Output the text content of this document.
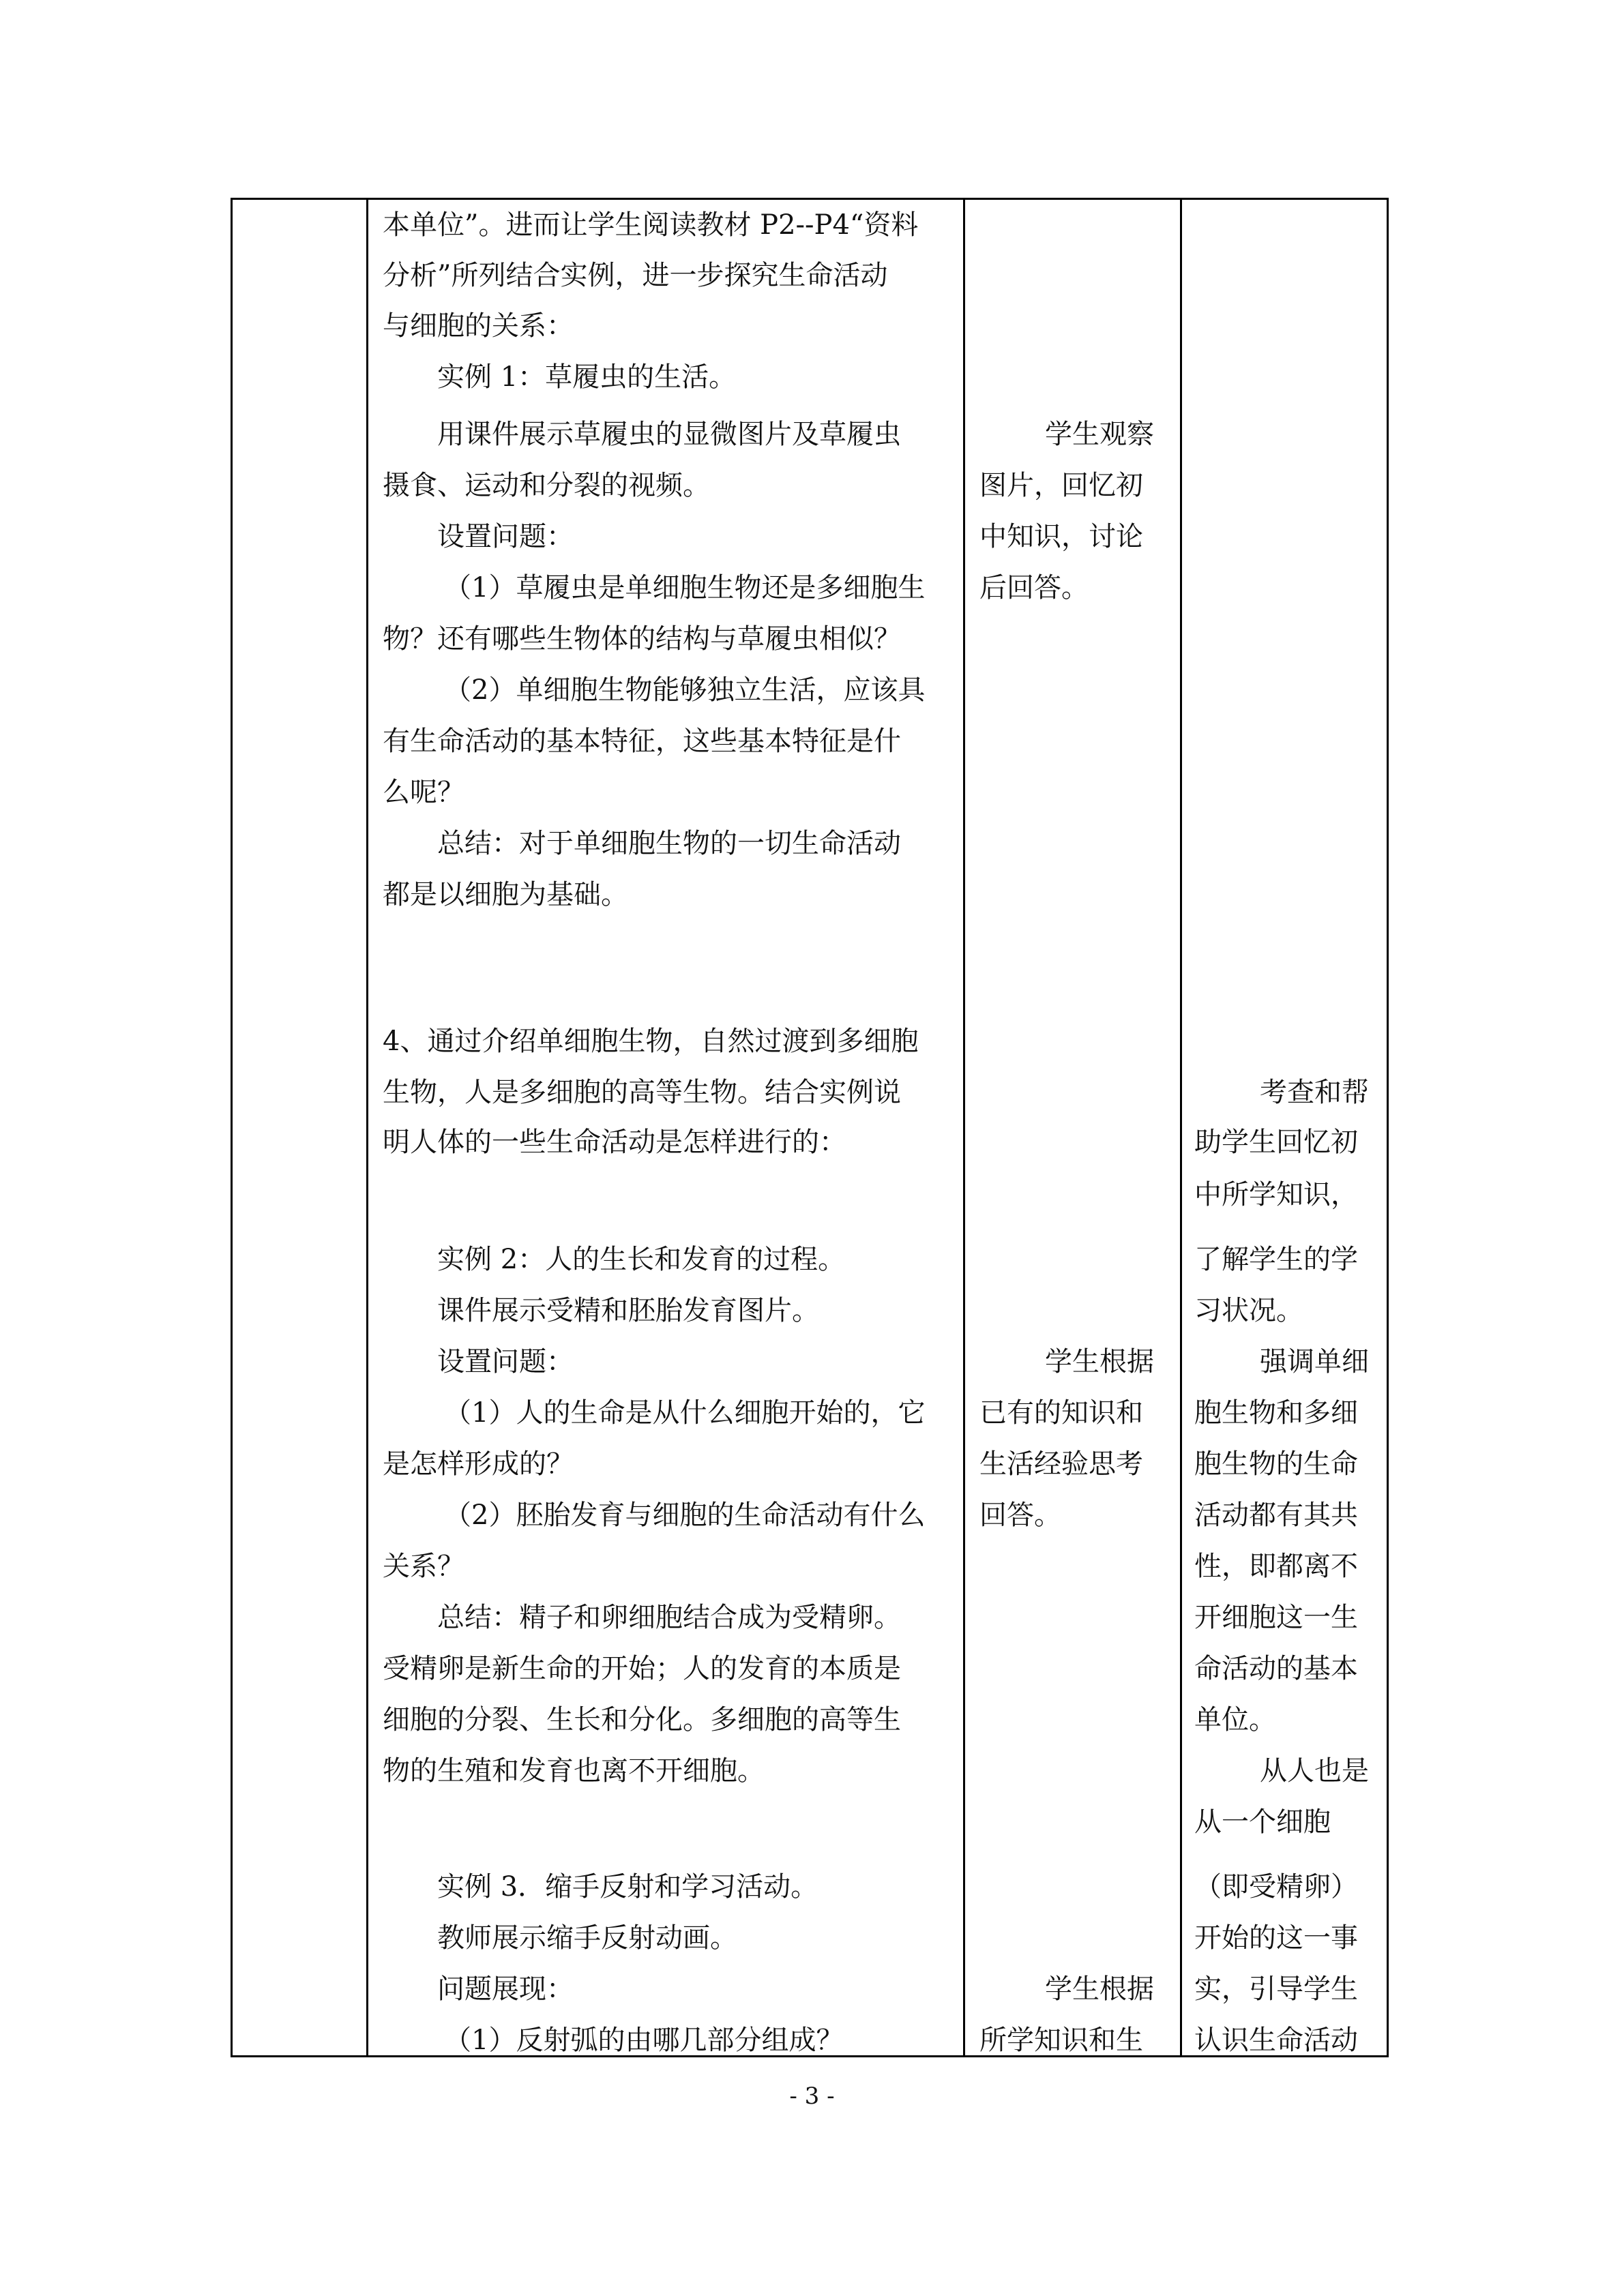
本单位”。进而让学生阅读教材 P2--P4“资料
分析”所列结合实例，进一步探究生命活动
与细胞的关系：
实例 1：草履虫的生活。
用课件展示草履虫的显微图片及草履虫
摄食、运动和分裂的视频。
设置问题：
（1）草履虫是单细胞生物还是多细胞生
物？还有哪些生物体的结构与草履虫相似？
（2）单细胞生物能够独立生活，应该具
有生命活动的基本特征，这些基本特征是什
么呢？
总结：对于单细胞生物的一切生命活动
都是以细胞为基础。
4、通过介绍单细胞生物，自然过渡到多细胞
生物，人是多细胞的高等生物。结合实例说
明人体的一些生命活动是怎样进行的：
实例 2：人的生长和发育的过程。
课件展示受精和胚胎发育图片。
设置问题：
（1）人的生命是从什么细胞开始的，它
是怎样形成的？
（2）胚胎发育与细胞的生命活动有什么
关系？
总结：精子和卵细胞结合成为受精卵。
受精卵是新生命的开始；人的发育的本质是
细胞的分裂、生长和分化。多细胞的高等生
物的生殖和发育也离不开细胞。
实例 3．缩手反射和学习活动。
教师展示缩手反射动画。
问题展现：
（1）反射弧的由哪几部分组成？
学生观察
图片，回忆初
中知识，讨论
后回答。
学生根据
已有的知识和
生活经验思考
回答。
学生根据
所学知识和生
考查和帮
助学生回忆初
中所学知识，
了解学生的学
习状况。
强调单细
胞生物和多细
胞生物的生命
活动都有其共
性，即都离不
开细胞这一生
命活动的基本
单位。
从人也是
从一个细胞
（即受精卵）
开始的这一事
实，引导学生
认识生命活动
- 3 -
